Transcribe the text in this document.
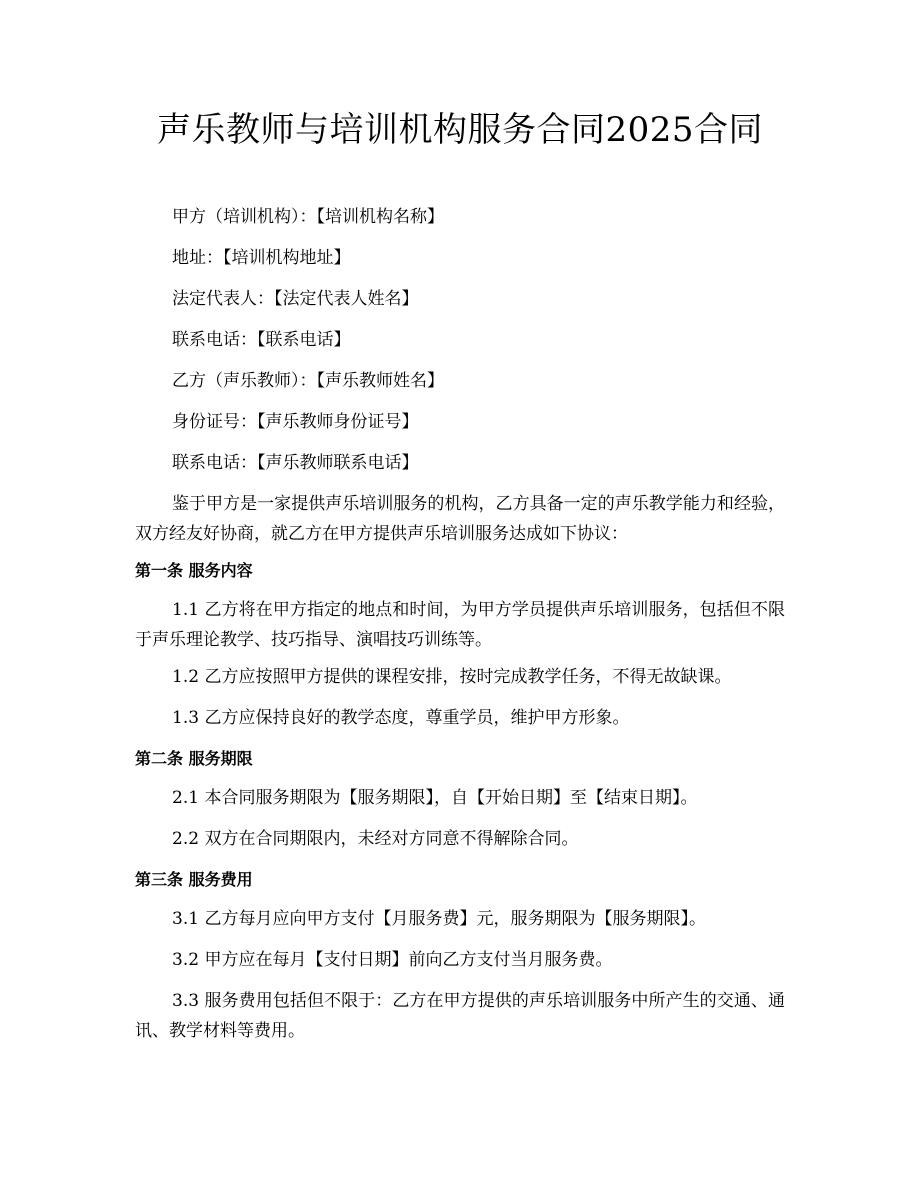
声乐教师与培训机构服务合同2025合同
甲方（培训机构）：【培训机构名称】
地址：【培训机构地址】
法定代表人：【法定代表人姓名】
联系电话：【联系电话】
乙方（声乐教师）：【声乐教师姓名】
身份证号：【声乐教师身份证号】
联系电话：【声乐教师联系电话】

鉴于甲方是一家提供声乐培训服务的机构，乙方具备一定的声乐教学能力和经验，双方经友好协商，就乙方在甲方提供声乐培训服务达成如下协议：

第一条 服务内容

1.1 乙方将在甲方指定的地点和时间，为甲方学员提供声乐培训服务，包括但不限于声乐理论教学、技巧指导、演唱技巧训练等。

1.2 乙方应按照甲方提供的课程安排，按时完成教学任务，不得无故缺课。
1.3 乙方应保持良好的教学态度，尊重学员，维护甲方形象。
第二条 服务期限
2.1 本合同服务期限为【服务期限】，自【开始日期】至【结束日期】。
2.2 双方在合同期限内，未经对方同意不得解除合同。
第三条 服务费用
3.1 乙方每月应向甲方支付【月服务费】元，服务期限为【服务期限】。
3.2 甲方应在每月【支付日期】前向乙方支付当月服务费。

3.3 服务费用包括但不限于：乙方在甲方提供的声乐培训服务中所产生的交通、通讯、教学材料等费用。
